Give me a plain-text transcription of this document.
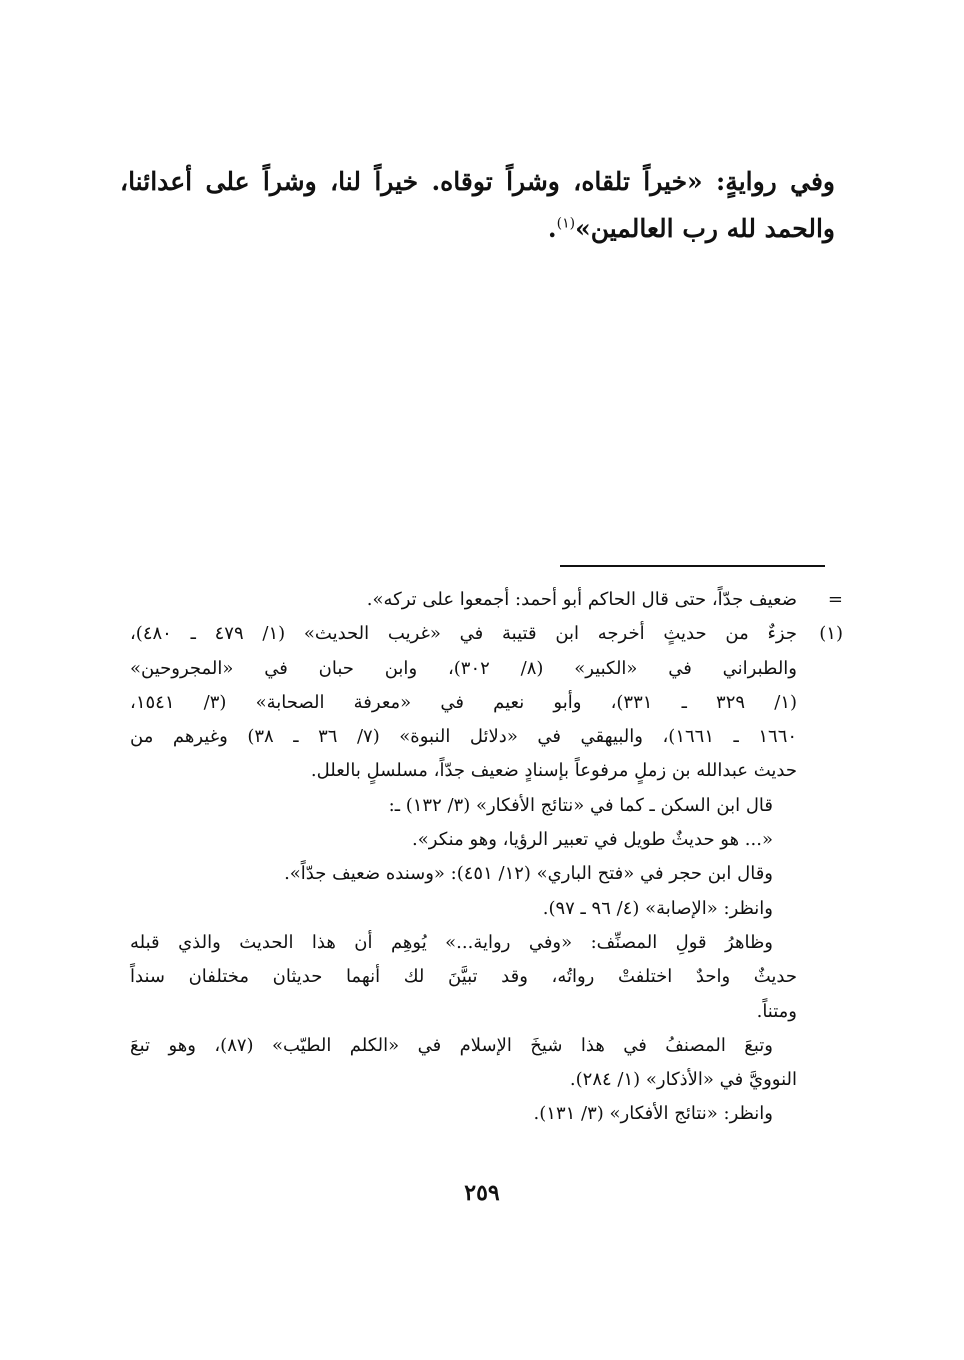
وفي روايةٍ: «خيراً تلقاه، وشراً توقاه. خيراً لنا، وشراً على أعدائنا،
والحمد لله رب العالمين»$^{(١)}$.
=
ضعيف جدّاً، حتى قال الحاكم أبو أحمد: أجمعوا على تركه».
(١)
جزءٌ من حديثٍ أخرجه ابن قتيبة في «غريب الحديث» (١/ ٤٧٩ ـ ٤٨٠)،
والطبراني في «الكبير» (٨/ ٣٠٢)، وابن حبان في «المجروحين»
(١/ ٣٢٩ ـ ٣٣١)، وأبو نعيم في «معرفة الصحابة» (٣/ ١٥٤١،
١٦٦٠ ـ ١٦٦١)، والبيهقي في «دلائل النبوة» (٧/ ٣٦ ـ ٣٨) وغيرهم من
حديث عبدالله بن زملٍ مرفوعاً بإسنادٍ ضعيف جدّاً، مسلسلٍ بالعلل.
قال ابن السكن ـ كما في «نتائج الأفكار» (٣/ ١٣٢) ـ:
«... هو حديثٌ طويل في تعبير الرؤيا، وهو منكر».
وقال ابن حجر في «فتح الباري» (١٢/ ٤٥١): «وسنده ضعيف جدّاً».
وانظر: «الإصابة» (٤/ ٩٦ ـ ٩٧).
وظاهرُ قولِ المصنِّف: «وفي رواية...» يُوهِم أن هذا الحديث والذي قبله
حديثٌ واحدٌ اختلفتْ رواتُه، وقد تبيَّنَ لك أنهما حديثان مختلفان سنداً
ومتناً.
وتبعَ المصنفُ في هذا شيخَ الإسلام في «الكلم الطيّب» (٨٧)، وهو تبعَ
النوويَّ في «الأذكار» (١/ ٢٨٤).
وانظر: «نتائج الأفكار» (٣/ ١٣١).
٢٥٩
